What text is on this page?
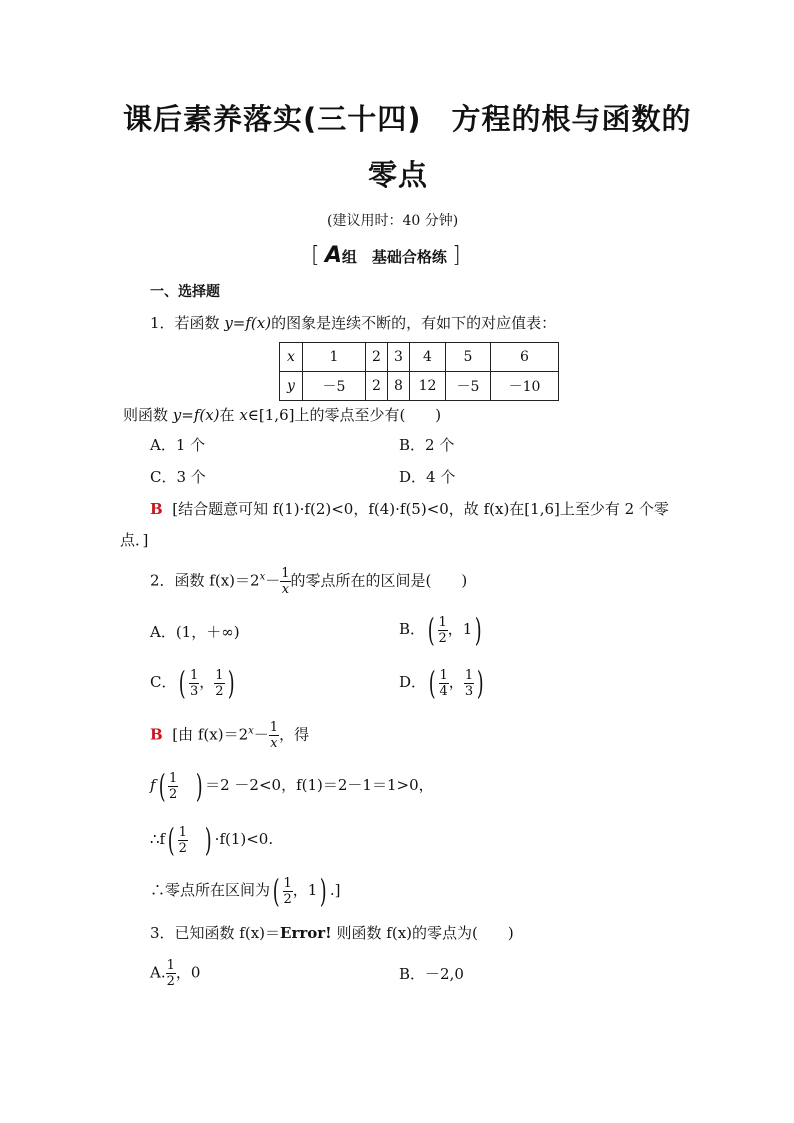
课后素养落实(三十四)　方程的根与函数的
零点
(建议用时：40 分钟)
[ A组　基础合格练 ]
一、选择题
1．若函数 y=f(x)的图象是连续不断的，有如下的对应值表：
x	1	2	3	4	5	6
y	－5	2	8	12	－5	－10
则函数 y=f(x)在 x∈[1,6]上的零点至少有(　　)
A．1 个	B．2 个
C．3 个	D．4 个
B [结合题意可知 f(1)·f(2)<0，f(4)·f(5)<0，故 f(x)在[1,6]上至少有 2 个零
点．]
2．函数 $f(x)=2^x- \frac{1}{x}$ 的零点所在的区间是(　　)
A．(1，＋∞)	B．( $\frac{1}{2}$ ，1)
C．( $\frac{1}{3}$ ， $\frac{1}{2}$ )	D．( $\frac{1}{4}$ ， $\frac{1}{3}$ )
B [由 $f(x)=2^x- \frac{1}{x}$ ，得
$f( \frac{1}{2}$ ) ＝2 －2<0，f(1)＝2－1＝1>0，
∴f( $\frac{1}{2}$ ) ·f(1)<0.
∴零点所在区间为( $\frac{1}{2}$ ，1) .]
3．已知函数 f(x)＝Error! 则函数 f(x)的零点为(　　)
A. $\frac{1}{2}$ ，0	B．－2,0
